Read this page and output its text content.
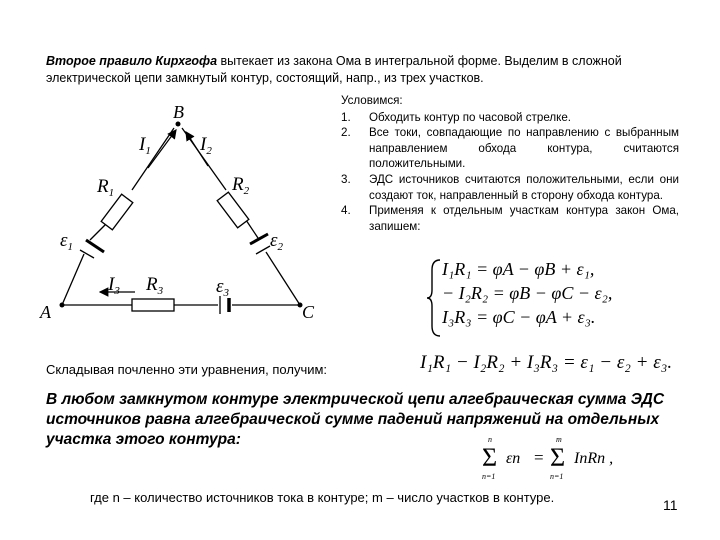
Второе правило Кирхгофа вытекает из закона Ома в интегральной форме. Выделим в сложной электрической цепи замкнутый контур, состоящий, напр., из трех участков.
A
B
C
$I_1$	$I_2$
$I_3$
$R_1$	$R_2$
$R_3$
$\varepsilon_1$	$\varepsilon_2$
$\varepsilon_3$
Условимся:
1.	Обходить контур по часовой стрелке.
2.	Все токи, совпадающие по направлению с выбранным направлением обхода контура, считаются положительными.
3.	ЭДС источников считаются положительными, если они создают ток, направленный в сторону обхода контура.
4.	Применяя к отдельным участкам контура закон Ома, запишем:
I₁R₁ = φA − φB + ε₁,
− I₂R₂ = φB − φC − ε₂,
I₃R₃ = φC − φA + ε₃.
Складывая почленно эти уравнения, получим:	I₁R₁ − I₂R₂ + I₃R₃ = ε₁ − ε₂ + ε₃.
В любом замкнутом контуре электрической цепи алгебраическая сумма ЭДС источников равна алгебраической сумме падений напряжений на отдельных участка этого контура:	n
Σ
n=1
εn =
m
Σ
n=1
InRn ,
где n – количество источников тока в контуре; m – число участков в контуре.	11
